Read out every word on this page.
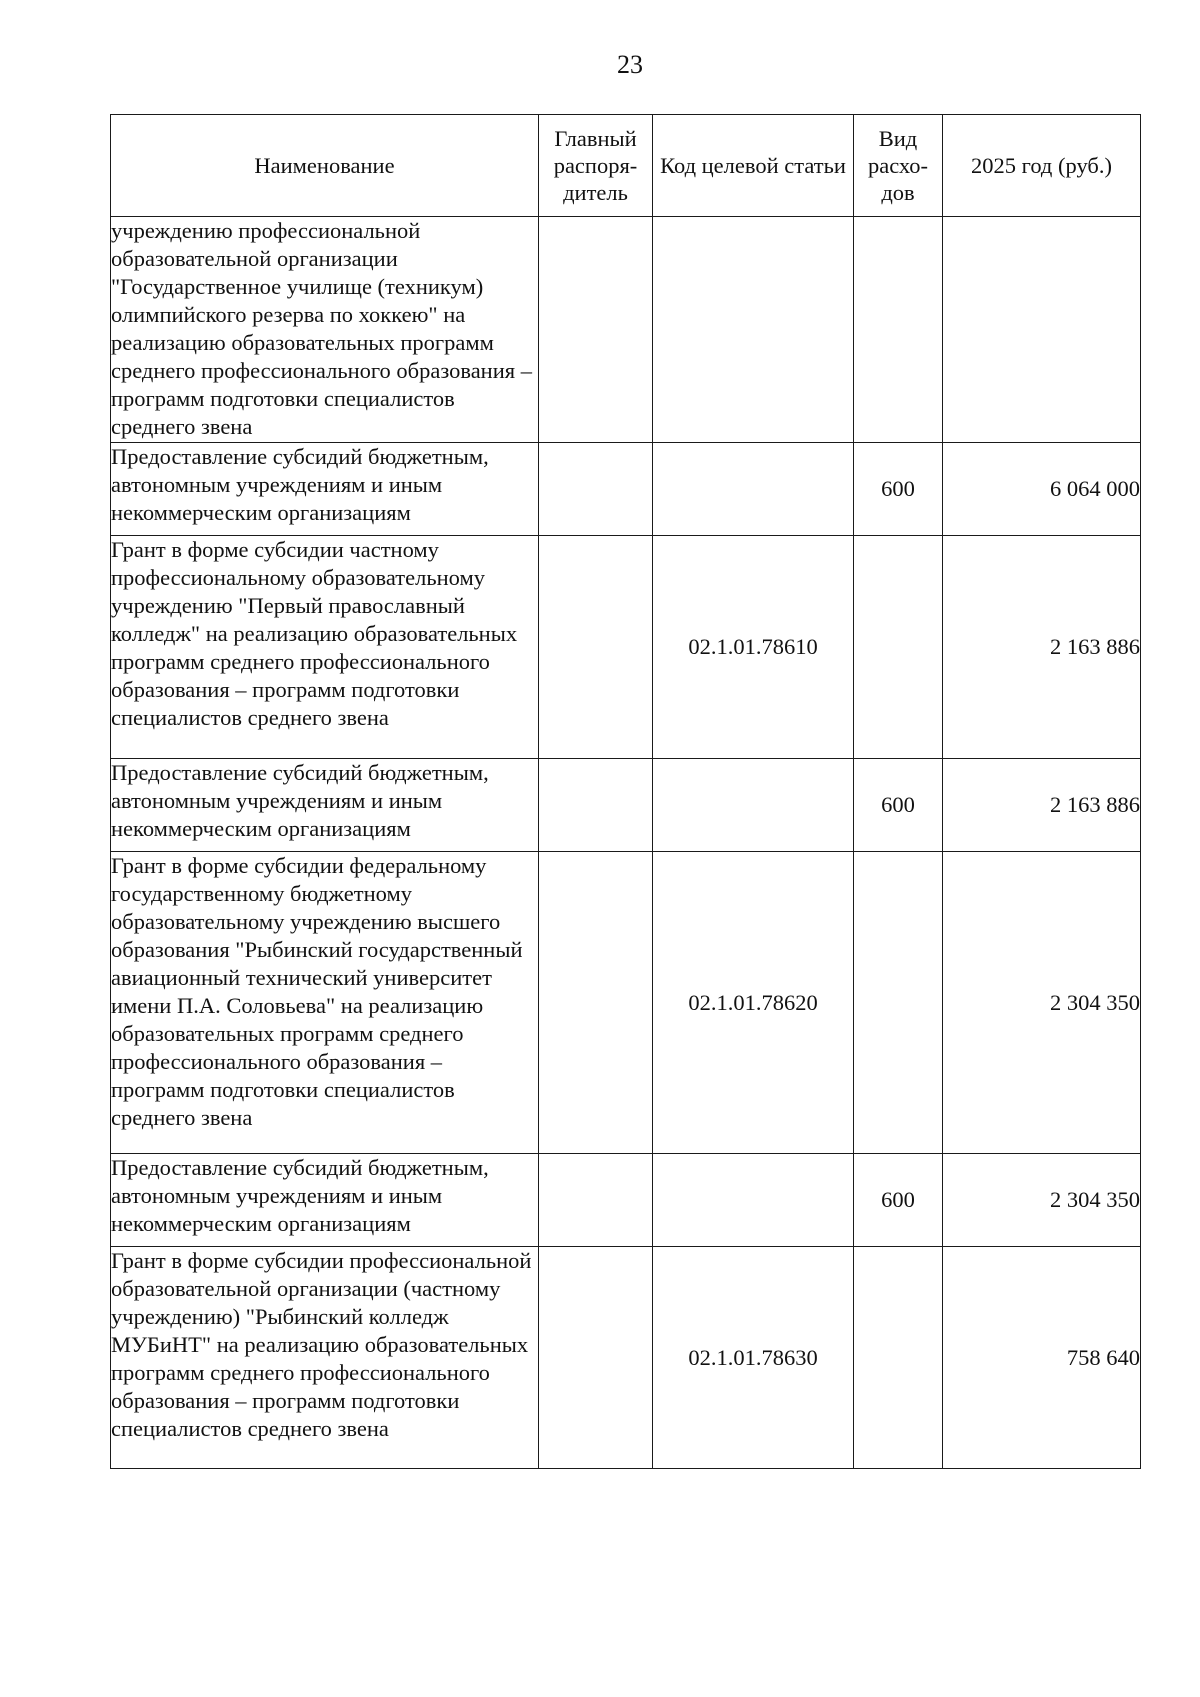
23
Наименование	Главный распоря-дитель	Код целевой статьи	Вид расхо-дов	2025 год (руб.)
учреждению профессиональной образовательной организации "Государственное училище (техникум) олимпийского резерва по хоккею" на реализацию образовательных программ среднего профессионального образования – программ подготовки специалистов среднего звена				
Предоставление субсидий бюджетным, автономным учреждениям и иным некоммерческим организациям			600	6 064 000
Грант в форме субсидии частному профессиональному образовательному учреждению "Первый православный колледж" на реализацию образовательных программ среднего профессионального образования – программ подготовки специалистов среднего звена		02.1.01.78610		2 163 886
Предоставление субсидий бюджетным, автономным учреждениям и иным некоммерческим организациям			600	2 163 886
Грант в форме субсидии федеральному государственному бюджетному образовательному учреждению высшего образования "Рыбинский государственный авиационный технический университет имени П.А. Соловьева" на реализацию образовательных программ среднего профессионального образования – программ подготовки специалистов среднего звена		02.1.01.78620		2 304 350
Предоставление субсидий бюджетным, автономным учреждениям и иным некоммерческим организациям			600	2 304 350
Грант в форме субсидии профессиональной образовательной организации (частному учреждению) "Рыбинский колледж МУБиНТ" на реализацию образовательных программ среднего профессионального образования – программ подготовки специалистов среднего звена		02.1.01.78630		758 640
